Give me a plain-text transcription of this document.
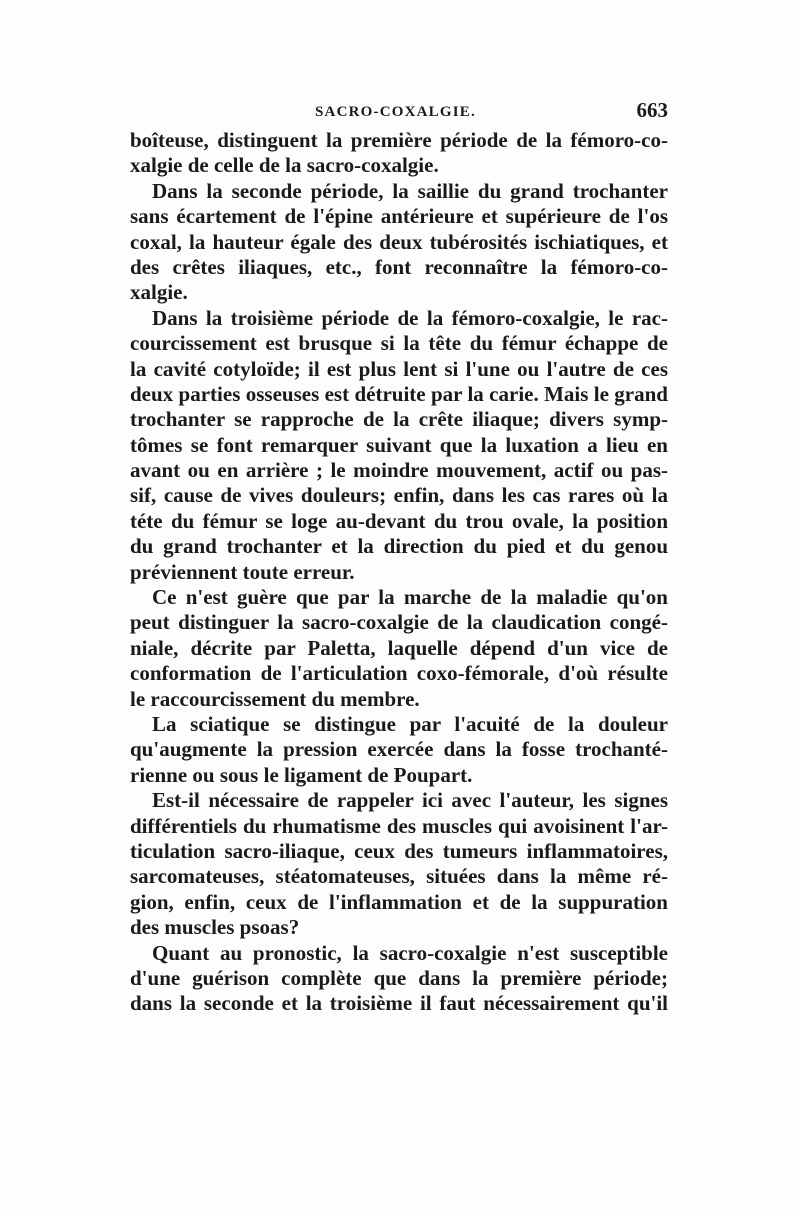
SACRO-COXALGIE.	663
boîteuse, distinguent la première période de la fémoro-co-
xalgie de celle de la sacro-coxalgie.
Dans la seconde période, la saillie du grand trochanter
sans écartement de l'épine antérieure et supérieure de l'os
coxal, la hauteur égale des deux tubérosités ischiatiques, et
des crêtes iliaques, etc., font reconnaître la fémoro-co-
xalgie.
Dans la troisième période de la fémoro-coxalgie, le rac-
courcissement est brusque si la tête du fémur échappe de
la cavité cotyloïde; il est plus lent si l'une ou l'autre de ces
deux parties osseuses est détruite par la carie. Mais le grand
trochanter se rapproche de la crête iliaque; divers symp-
tômes se font remarquer suivant que la luxation a lieu en
avant ou en arrière ; le moindre mouvement, actif ou pas-
sif, cause de vives douleurs; enfin, dans les cas rares où la
téte du fémur se loge au-devant du trou ovale, la position
du grand trochanter et la direction du pied et du genou
préviennent toute erreur.
Ce n'est guère que par la marche de la maladie qu'on
peut distinguer la sacro-coxalgie de la claudication congé-
niale, décrite par Paletta, laquelle dépend d'un vice de
conformation de l'articulation coxo-fémorale, d'où résulte
le raccourcissement du membre.
La sciatique se distingue par l'acuité de la douleur
qu'augmente la pression exercée dans la fosse trochanté-
rienne ou sous le ligament de Poupart.
Est-il nécessaire de rappeler ici avec l'auteur, les signes
différentiels du rhumatisme des muscles qui avoisinent l'ar-
ticulation sacro-iliaque, ceux des tumeurs inflammatoires,
sarcomateuses, stéatomateuses, situées dans la même ré-
gion, enfin, ceux de l'inflammation et de la suppuration
des muscles psoas?
Quant au pronostic, la sacro-coxalgie n'est susceptible
d'une guérison complète que dans la première période;
dans la seconde et la troisième il faut nécessairement qu'il
